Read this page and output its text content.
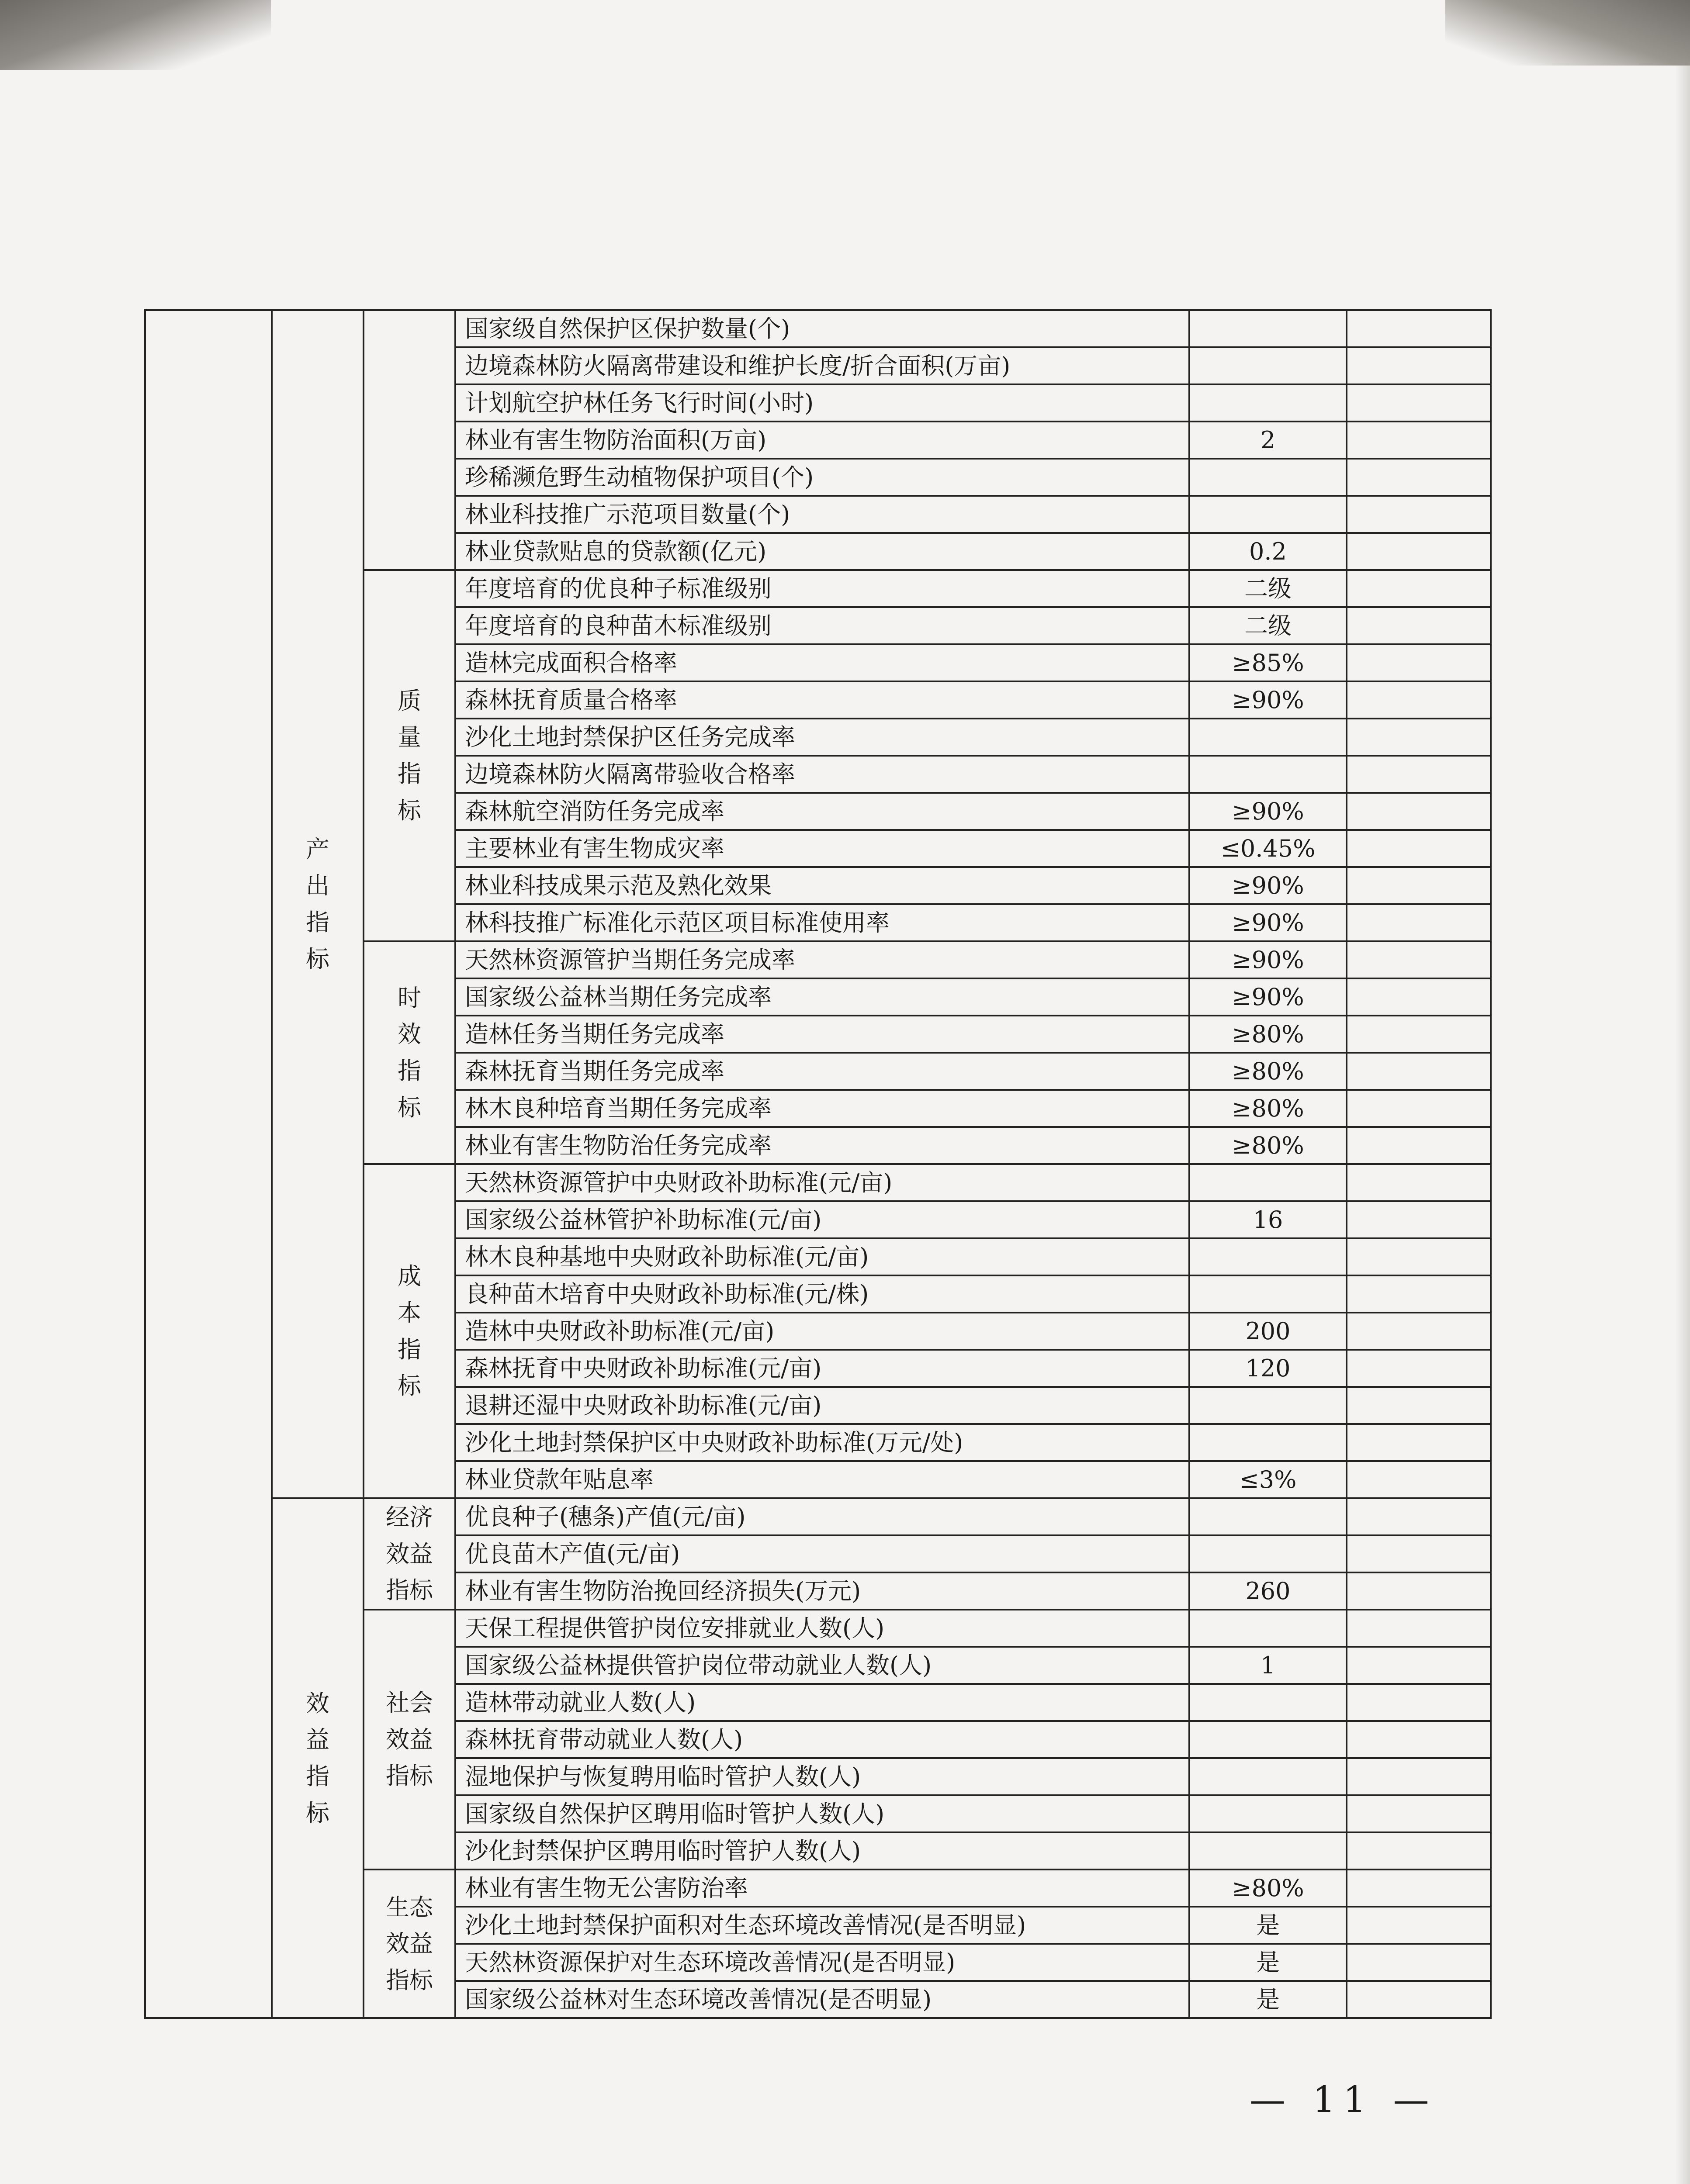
	产出指标		国家级自然保护区保护数量(个)		
			边境森林防火隔离带建设和维护长度/折合面积(万亩)		
			计划航空护林任务飞行时间(小时)		
			林业有害生物防治面积(万亩)	2	
			珍稀濒危野生动植物保护项目(个)		
			林业科技推广示范项目数量(个)		
			林业贷款贴息的贷款额(亿元)	0.2	

		质量指标	年度培育的优良种子标准级别	二级	
			年度培育的良种苗木标准级别	二级	
			造林完成面积合格率	≥85%	
			森林抚育质量合格率	≥90%	
			沙化土地封禁保护区任务完成率		
			边境森林防火隔离带验收合格率		
			森林航空消防任务完成率	≥90%	
			主要林业有害生物成灾率	≤0.45%	
			林业科技成果示范及熟化效果	≥90%	
			林科技推广标准化示范区项目标准使用率	≥90%	

		时效指标	天然林资源管护当期任务完成率	≥90%	
			国家级公益林当期任务完成率	≥90%	
			造林任务当期任务完成率	≥80%	
			森林抚育当期任务完成率	≥80%	
			林木良种培育当期任务完成率	≥80%	
			林业有害生物防治任务完成率	≥80%	

		成本指标	天然林资源管护中央财政补助标准(元/亩)		
			国家级公益林管护补助标准(元/亩)	16	
			林木良种基地中央财政补助标准(元/亩)		
			良种苗木培育中央财政补助标准(元/株)		
			造林中央财政补助标准(元/亩)	200	
			森林抚育中央财政补助标准(元/亩)	120	
			退耕还湿中央财政补助标准(元/亩)		
			沙化土地封禁保护区中央财政补助标准(万元/处)		
			林业贷款年贴息率	≤3%	

	效益指标	经济效益指标	优良种子(穗条)产值(元/亩)		
			优良苗木产值(元/亩)		
			林业有害生物防治挽回经济损失(万元)	260	

		社会效益指标	天保工程提供管护岗位安排就业人数(人)		
			国家级公益林提供管护岗位带动就业人数(人)	1	
			造林带动就业人数(人)		
			森林抚育带动就业人数(人)		
			湿地保护与恢复聘用临时管护人数(人)		
			国家级自然保护区聘用临时管护人数(人)		
			沙化封禁保护区聘用临时管护人数(人)		

		生态效益指标	林业有害生物无公害防治率	≥80%	
			沙化土地封禁保护面积对生态环境改善情况(是否明显)	是	
			天然林资源保护对生态环境改善情况(是否明显)	是	
			国家级公益林对生态环境改善情况(是否明显)	是	
— 11 —
